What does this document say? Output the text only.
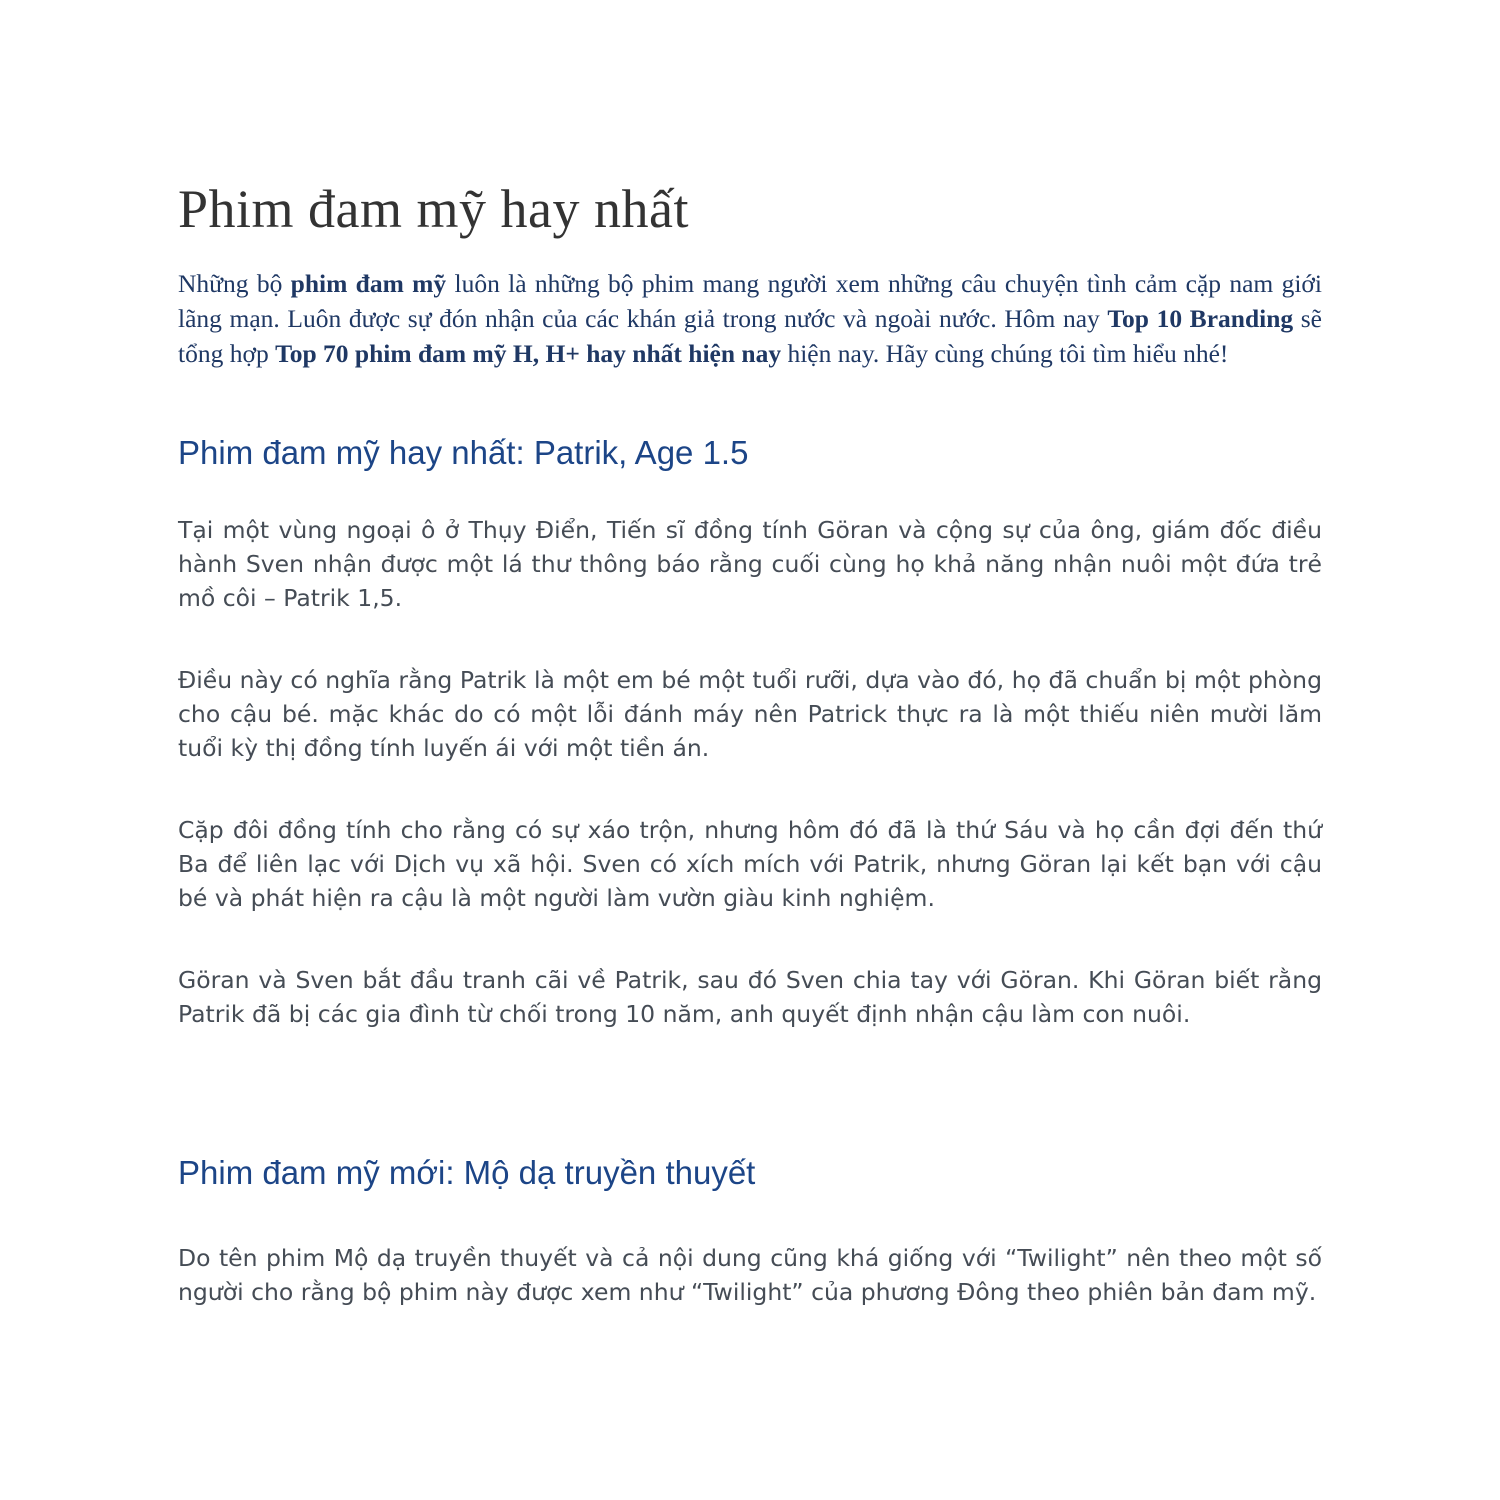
Phim đam mỹ hay nhất

Những bộ phim đam mỹ luôn là những bộ phim mang người xem những câu chuyện tình cảm cặp nam giới lãng mạn. Luôn được sự đón nhận của các khán giả trong nước và ngoài nước. Hôm nay Top 10 Branding sẽ tổng hợp Top 70 phim đam mỹ H, H+ hay nhất hiện nay hiện nay. Hãy cùng chúng tôi tìm hiểu nhé!

Phim đam mỹ hay nhất: Patrik, Age 1.5

Tại một vùng ngoại ô ở Thụy Điển, Tiến sĩ đồng tính Göran và cộng sự của ông, giám đốc điều hành Sven nhận được một lá thư thông báo rằng cuối cùng họ khả năng nhận nuôi một đứa trẻ mồ côi – Patrik 1,5.

Điều này có nghĩa rằng Patrik là một em bé một tuổi rưỡi, dựa vào đó, họ đã chuẩn bị một phòng cho cậu bé. mặc khác do có một lỗi đánh máy nên Patrick thực ra là một thiếu niên mười lăm tuổi kỳ thị đồng tính luyến ái với một tiền án.

Cặp đôi đồng tính cho rằng có sự xáo trộn, nhưng hôm đó đã là thứ Sáu và họ cần đợi đến thứ Ba để liên lạc với Dịch vụ xã hội. Sven có xích mích với Patrik, nhưng Göran lại kết bạn với cậu bé và phát hiện ra cậu là một người làm vườn giàu kinh nghiệm.

Göran và Sven bắt đầu tranh cãi về Patrik, sau đó Sven chia tay với Göran. Khi Göran biết rằng Patrik đã bị các gia đình từ chối trong 10 năm, anh quyết định nhận cậu làm con nuôi.

Phim đam mỹ mới: Mộ dạ truyền thuyết

Do tên phim Mộ dạ truyền thuyết và cả nội dung cũng khá giống với “Twilight” nên theo một số người cho rằng bộ phim này được xem như “Twilight” của phương Đông theo phiên bản đam mỹ.
